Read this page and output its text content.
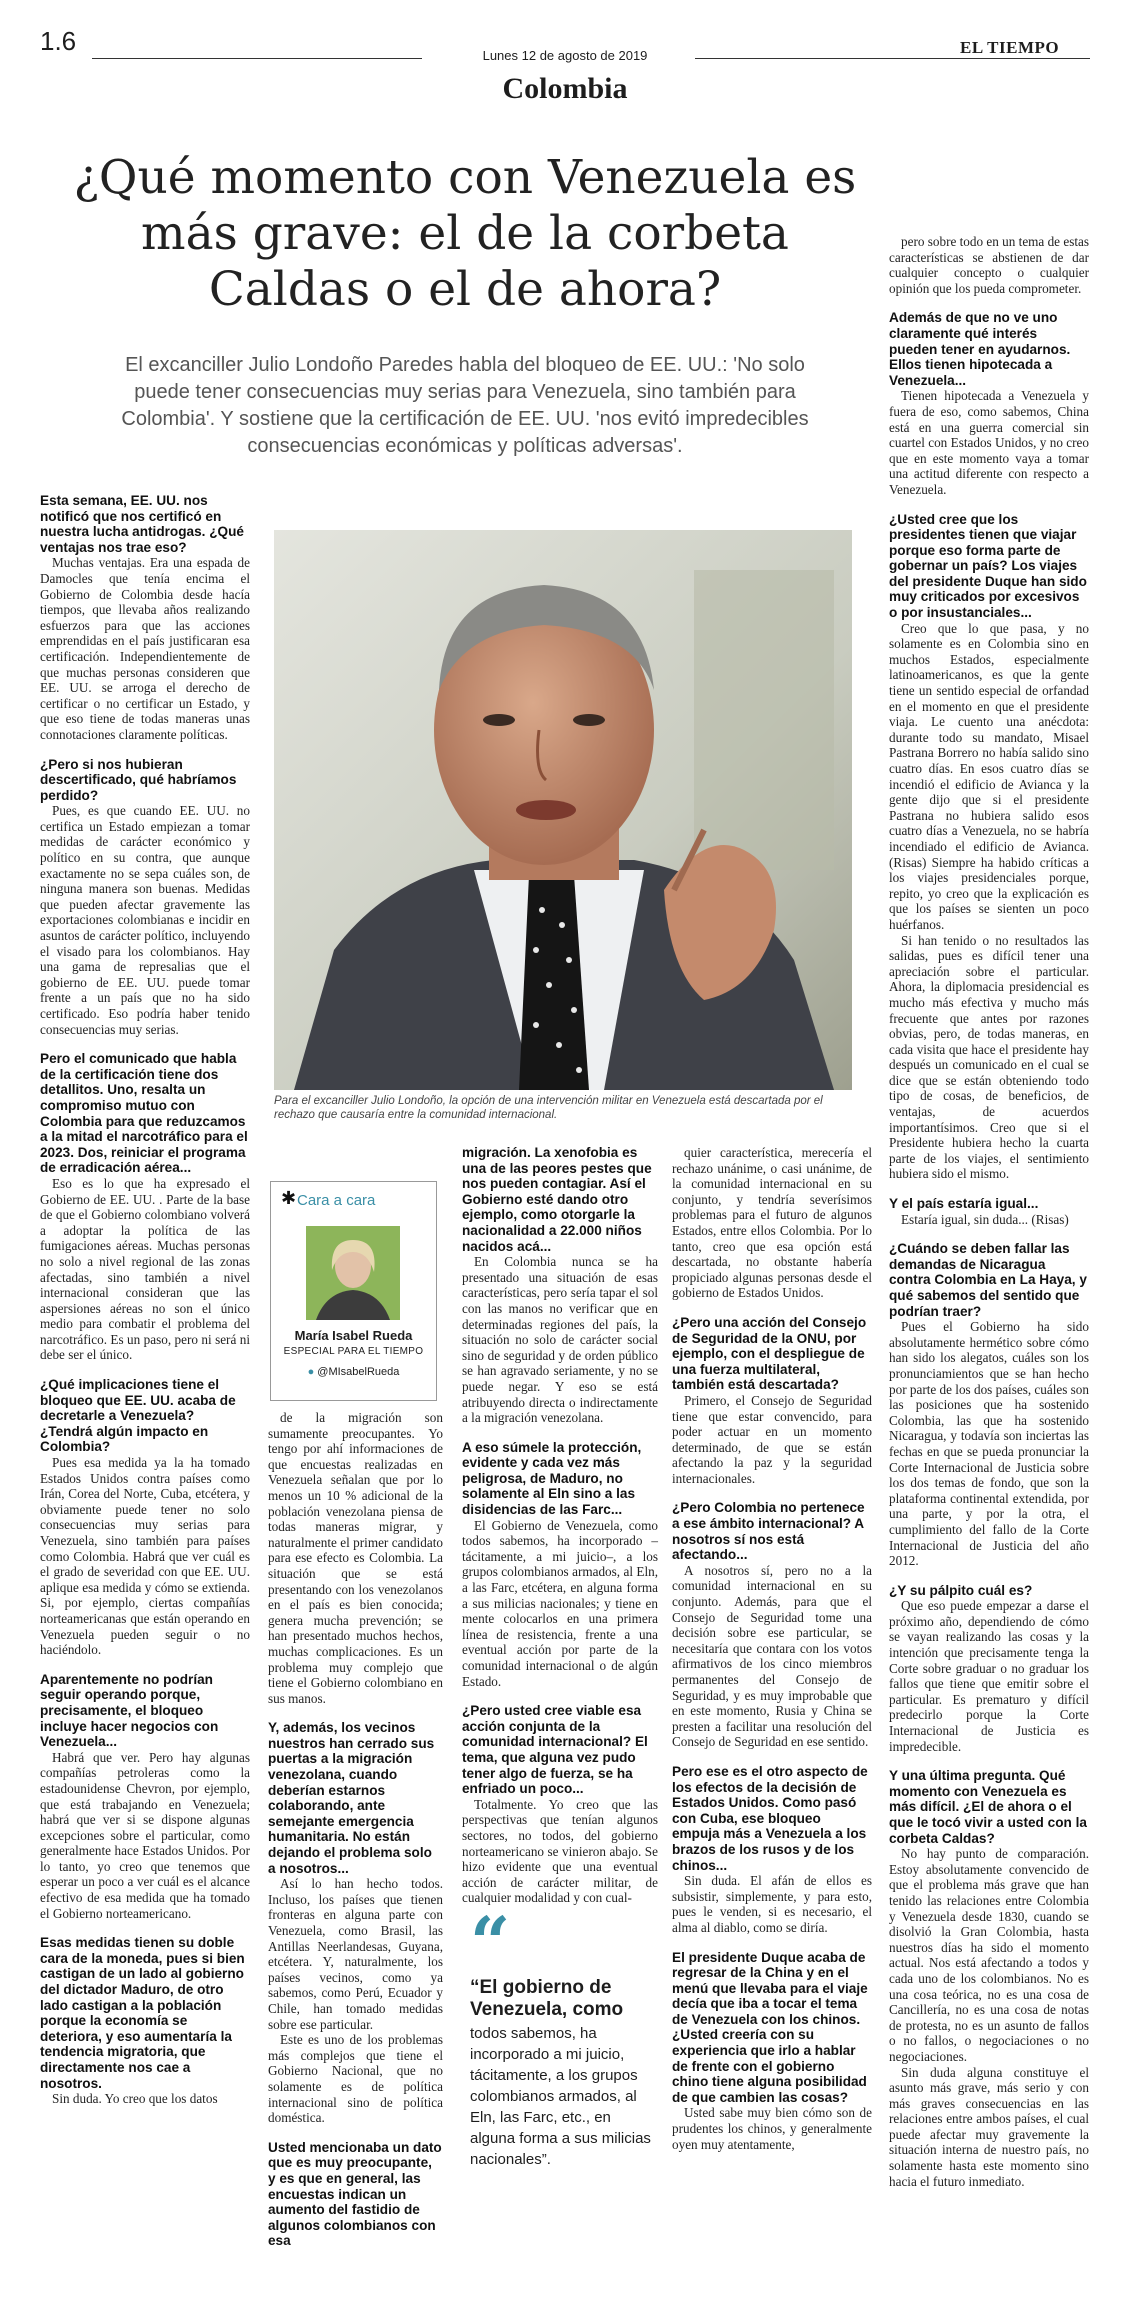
1.6	Lunes 12 de agosto de 2019	EL TIEMPO
Colombia
¿Qué momento con Venezuela es más grave: el de la corbeta Caldas o el de ahora?
El excanciller Julio Londoño Paredes habla del bloqueo de EE. UU.: 'No solo puede tener consecuencias muy serias para Venezuela, sino también para Colombia'. Y sostiene que la certificación de EE. UU. 'nos evitó impredecibles consecuencias económicas y políticas adversas'.

Esta semana, EE. UU. nos notificó que nos certificó en nuestra lucha antidrogas. ¿Qué ventajas nos trae eso?

Muchas ventajas. Era una espada de Damocles que tenía encima el Gobierno de Colombia desde hacía tiempos, que llevaba años realizando esfuerzos para que las acciones emprendidas en el país justificaran esa certificación. Independientemente de que muchas personas consideren que EE. UU. se arroga el derecho de certificar o no certificar un Estado, y que eso tiene de todas maneras unas connotaciones claramente políticas.

¿Pero si nos hubieran descertificado, qué habríamos perdido?

Pues, es que cuando EE. UU. no certifica un Estado empiezan a tomar medidas de carácter económico y político en su contra, que aunque exactamente no se sepa cuáles son, de ninguna manera son buenas. Medidas que pueden afectar gravemente las exportaciones colombianas e incidir en asuntos de carácter político, incluyendo el visado para los colombianos. Hay una gama de represalias que el gobierno de EE. UU. puede tomar frente a un país que no ha sido certificado. Eso podría haber tenido consecuencias muy serias.

Pero el comunicado que habla de la certificación tiene dos detallitos. Uno, resalta un compromiso mutuo con Colombia para que reduzcamos a la mitad el narcotráfico para el 2023. Dos, reiniciar el programa de erradicación aérea...

Eso es lo que ha expresado el Gobierno de EE. UU. . Parte de la base de que el Gobierno colombiano volverá a adoptar la política de las fumigaciones aéreas. Muchas personas no solo a nivel regional de las zonas afectadas, sino también a nivel internacional consideran que las aspersiones aéreas no son el único medio para combatir el problema del narcotráfico. Es un paso, pero ni será ni debe ser el único.

¿Qué implicaciones tiene el bloqueo que EE. UU. acaba de decretarle a Venezuela? ¿Tendrá algún impacto en Colombia?

Pues esa medida ya la ha tomado Estados Unidos contra países como Irán, Corea del Norte, Cuba, etcétera, y obviamente puede tener no solo consecuencias muy serias para Venezuela, sino también para países como Colombia. Habrá que ver cuál es el grado de severidad con que EE. UU. aplique esa medida y cómo se extienda. Si, por ejemplo, ciertas compañías norteamericanas que están operando en Venezuela pueden seguir o no haciéndolo.

Aparentemente no podrían seguir operando porque, precisamente, el bloqueo incluye hacer negocios con Venezuela...

Habrá que ver. Pero hay algunas compañías petroleras como la estadounidense Chevron, por ejemplo, que está trabajando en Venezuela; habrá que ver si se dispone algunas excepciones sobre el particular, como generalmente hace Estados Unidos. Por lo tanto, yo creo que tenemos que esperar un poco a ver cuál es el alcance efectivo de esa medida que ha tomado el Gobierno norteamericano.

Esas medidas tienen su doble cara de la moneda, pues si bien castigan de un lado al gobierno del dictador Maduro, de otro lado castigan a la población porque la economía se deteriora, y eso aumentaría la tendencia migratoria, que directamente nos cae a nosotros.

Sin duda. Yo creo que los datos

Para el excanciller Julio Londoño, la opción de una intervención militar en Venezuela está descartada por el rechazo que causaría entre la comunidad internacional.
✱ Cara a cara
María Isabel Rueda
ESPECIAL PARA EL TIEMPO
● @MIsabelRueda

de la migración son sumamente preocupantes. Yo tengo por ahí informaciones de que encuestas realizadas en Venezuela señalan que por lo menos un 10 % adicional de la población venezolana piensa de todas maneras migrar, y naturalmente el primer candidato para ese efecto es Colombia. La situación que se está presentando con los venezolanos en el país es bien conocida; genera mucha prevención; se han presentado muchos hechos, muchas complicaciones. Es un problema muy complejo que tiene el Gobierno colombiano en sus manos.

Y, además, los vecinos nuestros han cerrado sus puertas a la migración venezolana, cuando deberían estarnos colaborando, ante semejante emergencia humanitaria. No están dejando el problema solo a nosotros...

Así lo han hecho todos. Incluso, los países que tienen fronteras en alguna parte con Venezuela, como Brasil, las Antillas Neerlandesas, Guyana, etcétera. Y, naturalmente, los países vecinos, como ya sabemos, como Perú, Ecuador y Chile, han tomado medidas sobre ese particular.

Este es uno de los problemas más complejos que tiene el Gobierno Nacional, que no solamente es de política internacional sino de política doméstica.

Usted mencionaba un dato que es muy preocupante, y es que en general, las encuestas indican un aumento del fastidio de algunos colombianos con esa

migración. La xenofobia es una de las peores pestes que nos pueden contagiar. Así el Gobierno esté dando otro ejemplo, como otorgarle la nacionalidad a 22.000 niños nacidos acá...

En Colombia nunca se ha presentado una situación de esas características, pero sería tapar el sol con las manos no verificar que en determinadas regiones del país, la situación no solo de carácter social sino de seguridad y de orden público se han agravado seriamente, y no se puede negar. Y eso se está atribuyendo directa o indirectamente a la migración venezolana.

A eso súmele la protección, evidente y cada vez más peligrosa, de Maduro, no solamente al Eln sino a las disidencias de las Farc...

El Gobierno de Venezuela, como todos sabemos, ha incorporado –tácitamente, a mi juicio–, a los grupos colombianos armados, al Eln, a las Farc, etcétera, en alguna forma a sus milicias nacionales; y tiene en mente colocarlos en una primera línea de resistencia, frente a una eventual acción por parte de la comunidad internacional o de algún Estado.

¿Pero usted cree viable esa acción conjunta de la comunidad internacional? El tema, que alguna vez pudo tener algo de fuerza, se ha enfriado un poco...

Totalmente. Yo creo que las perspectivas que tenían algunos sectores, no todos, del gobierno norteamericano se vinieron abajo. Se hizo evidente que una eventual acción de carácter militar, de cualquier modalidad y con cual-

“
“El gobierno de Venezuela, como
todos sabemos, ha incorporado a mi juicio, tácitamente, a los grupos colombianos armados, al Eln, las Farc, etc., en alguna forma a sus milicias nacionales”.

quier característica, merecería el rechazo unánime, o casi unánime, de la comunidad internacional en su conjunto, y tendría severísimos problemas para el futuro de algunos Estados, entre ellos Colombia. Por lo tanto, creo que esa opción está descartada, no obstante habería propiciado algunas personas desde el gobierno de Estados Unidos.

¿Pero una acción del Consejo de Seguridad de la ONU, por ejemplo, con el despliegue de una fuerza multilateral, también está descartada?

Primero, el Consejo de Seguridad tiene que estar convencido, para poder actuar en un momento determinado, de que se están afectando la paz y la seguridad internacionales.

¿Pero Colombia no pertenece a ese ámbito internacional? A nosotros sí nos está afectando...

A nosotros sí, pero no a la comunidad internacional en su conjunto. Además, para que el Consejo de Seguridad tome una decisión sobre ese particular, se necesitaría que contara con los votos afirmativos de los cinco miembros permanentes del Consejo de Seguridad, y es muy improbable que en este momento, Rusia y China se presten a facilitar una resolución del Consejo de Seguridad en ese sentido.

Pero ese es el otro aspecto de los efectos de la decisión de Estados Unidos. Como pasó con Cuba, ese bloqueo empuja más a Venezuela a los brazos de los rusos y de los chinos...

Sin duda. El afán de ellos es subsistir, simplemente, y para esto, pues le venden, si es necesario, el alma al diablo, como se diría.

El presidente Duque acaba de regresar de la China y en el menú que llevaba para el viaje decía que iba a tocar el tema de Venezuela con los chinos. ¿Usted creería con su experiencia que irlo a hablar de frente con el gobierno chino tiene alguna posibilidad de que cambien las cosas?

Usted sabe muy bien cómo son de prudentes los chinos, y generalmente oyen muy atentamente,

pero sobre todo en un tema de estas características se abstienen de dar cualquier concepto o cualquier opinión que los pueda comprometer.

Además de que no ve uno claramente qué interés pueden tener en ayudarnos. Ellos tienen hipotecada a Venezuela...

Tienen hipotecada a Venezuela y fuera de eso, como sabemos, China está en una guerra comercial sin cuartel con Estados Unidos, y no creo que en este momento vaya a tomar una actitud diferente con respecto a Venezuela.

¿Usted cree que los presidentes tienen que viajar porque eso forma parte de gobernar un país? Los viajes del presidente Duque han sido muy criticados por excesivos o por insustanciales...

Creo que lo que pasa, y no solamente es en Colombia sino en muchos Estados, especialmente latinoamericanos, es que la gente tiene un sentido especial de orfandad en el momento en que el presidente viaja. Le cuento una anécdota: durante todo su mandato, Misael Pastrana Borrero no había salido sino cuatro días. En esos cuatro días se incendió el edificio de Avianca y la gente dijo que si el presidente Pastrana no hubiera salido esos cuatro días a Venezuela, no se habría incendiado el edificio de Avianca. (Risas) Siempre ha habido críticas a los viajes presidenciales porque, repito, yo creo que la explicación es que los países se sienten un poco huérfanos.

Si han tenido o no resultados las salidas, pues es difícil tener una apreciación sobre el particular. Ahora, la diplomacia presidencial es mucho más efectiva y mucho más frecuente que antes por razones obvias, pero, de todas maneras, en cada visita que hace el presidente hay después un comunicado en el cual se dice que se están obteniendo todo tipo de cosas, de beneficios, de ventajas, de acuerdos importantísimos. Creo que si el Presidente hubiera hecho la cuarta parte de los viajes, el sentimiento hubiera sido el mismo.

Y el país estaría igual...

Estaría igual, sin duda... (Risas)

¿Cuándo se deben fallar las demandas de Nicaragua contra Colombia en La Haya, y qué sabemos del sentido que podrían traer?

Pues el Gobierno ha sido absolutamente hermético sobre cómo han sido los alegatos, cuáles son los pronunciamientos que se han hecho por parte de los dos países, cuáles son las posiciones que ha sostenido Colombia, las que ha sostenido Nicaragua, y todavía son inciertas las fechas en que se pueda pronunciar la Corte Internacional de Justicia sobre los dos temas de fondo, que son la plataforma continental extendida, por una parte, y por la otra, el cumplimiento del fallo de la Corte Internacional de Justicia del año 2012.

¿Y su pálpito cuál es?

Que eso puede empezar a darse el próximo año, dependiendo de cómo se vayan realizando las cosas y la intención que precisamente tenga la Corte sobre graduar o no graduar los fallos que tiene que emitir sobre el particular. Es prematuro y difícil predecirlo porque la Corte Internacional de Justicia es impredecible.

Y una última pregunta. Qué momento con Venezuela es más difícil. ¿El de ahora o el que le tocó vivir a usted con la corbeta Caldas?

No hay punto de comparación. Estoy absolutamente convencido de que el problema más grave que han tenido las relaciones entre Colombia y Venezuela desde 1830, cuando se disolvió la Gran Colombia, hasta nuestros días ha sido el momento actual. Nos está afectando a todos y cada uno de los colombianos. No es una cosa teórica, no es una cosa de Cancillería, no es una cosa de notas de protesta, no es un asunto de fallos o no fallos, o negociaciones o no negociaciones.

Sin duda alguna constituye el asunto más grave, más serio y con más graves consecuencias en las relaciones entre ambos países, el cual puede afectar muy gravemente la situación interna de nuestro país, no solamente hasta este momento sino hacia el futuro inmediato.
